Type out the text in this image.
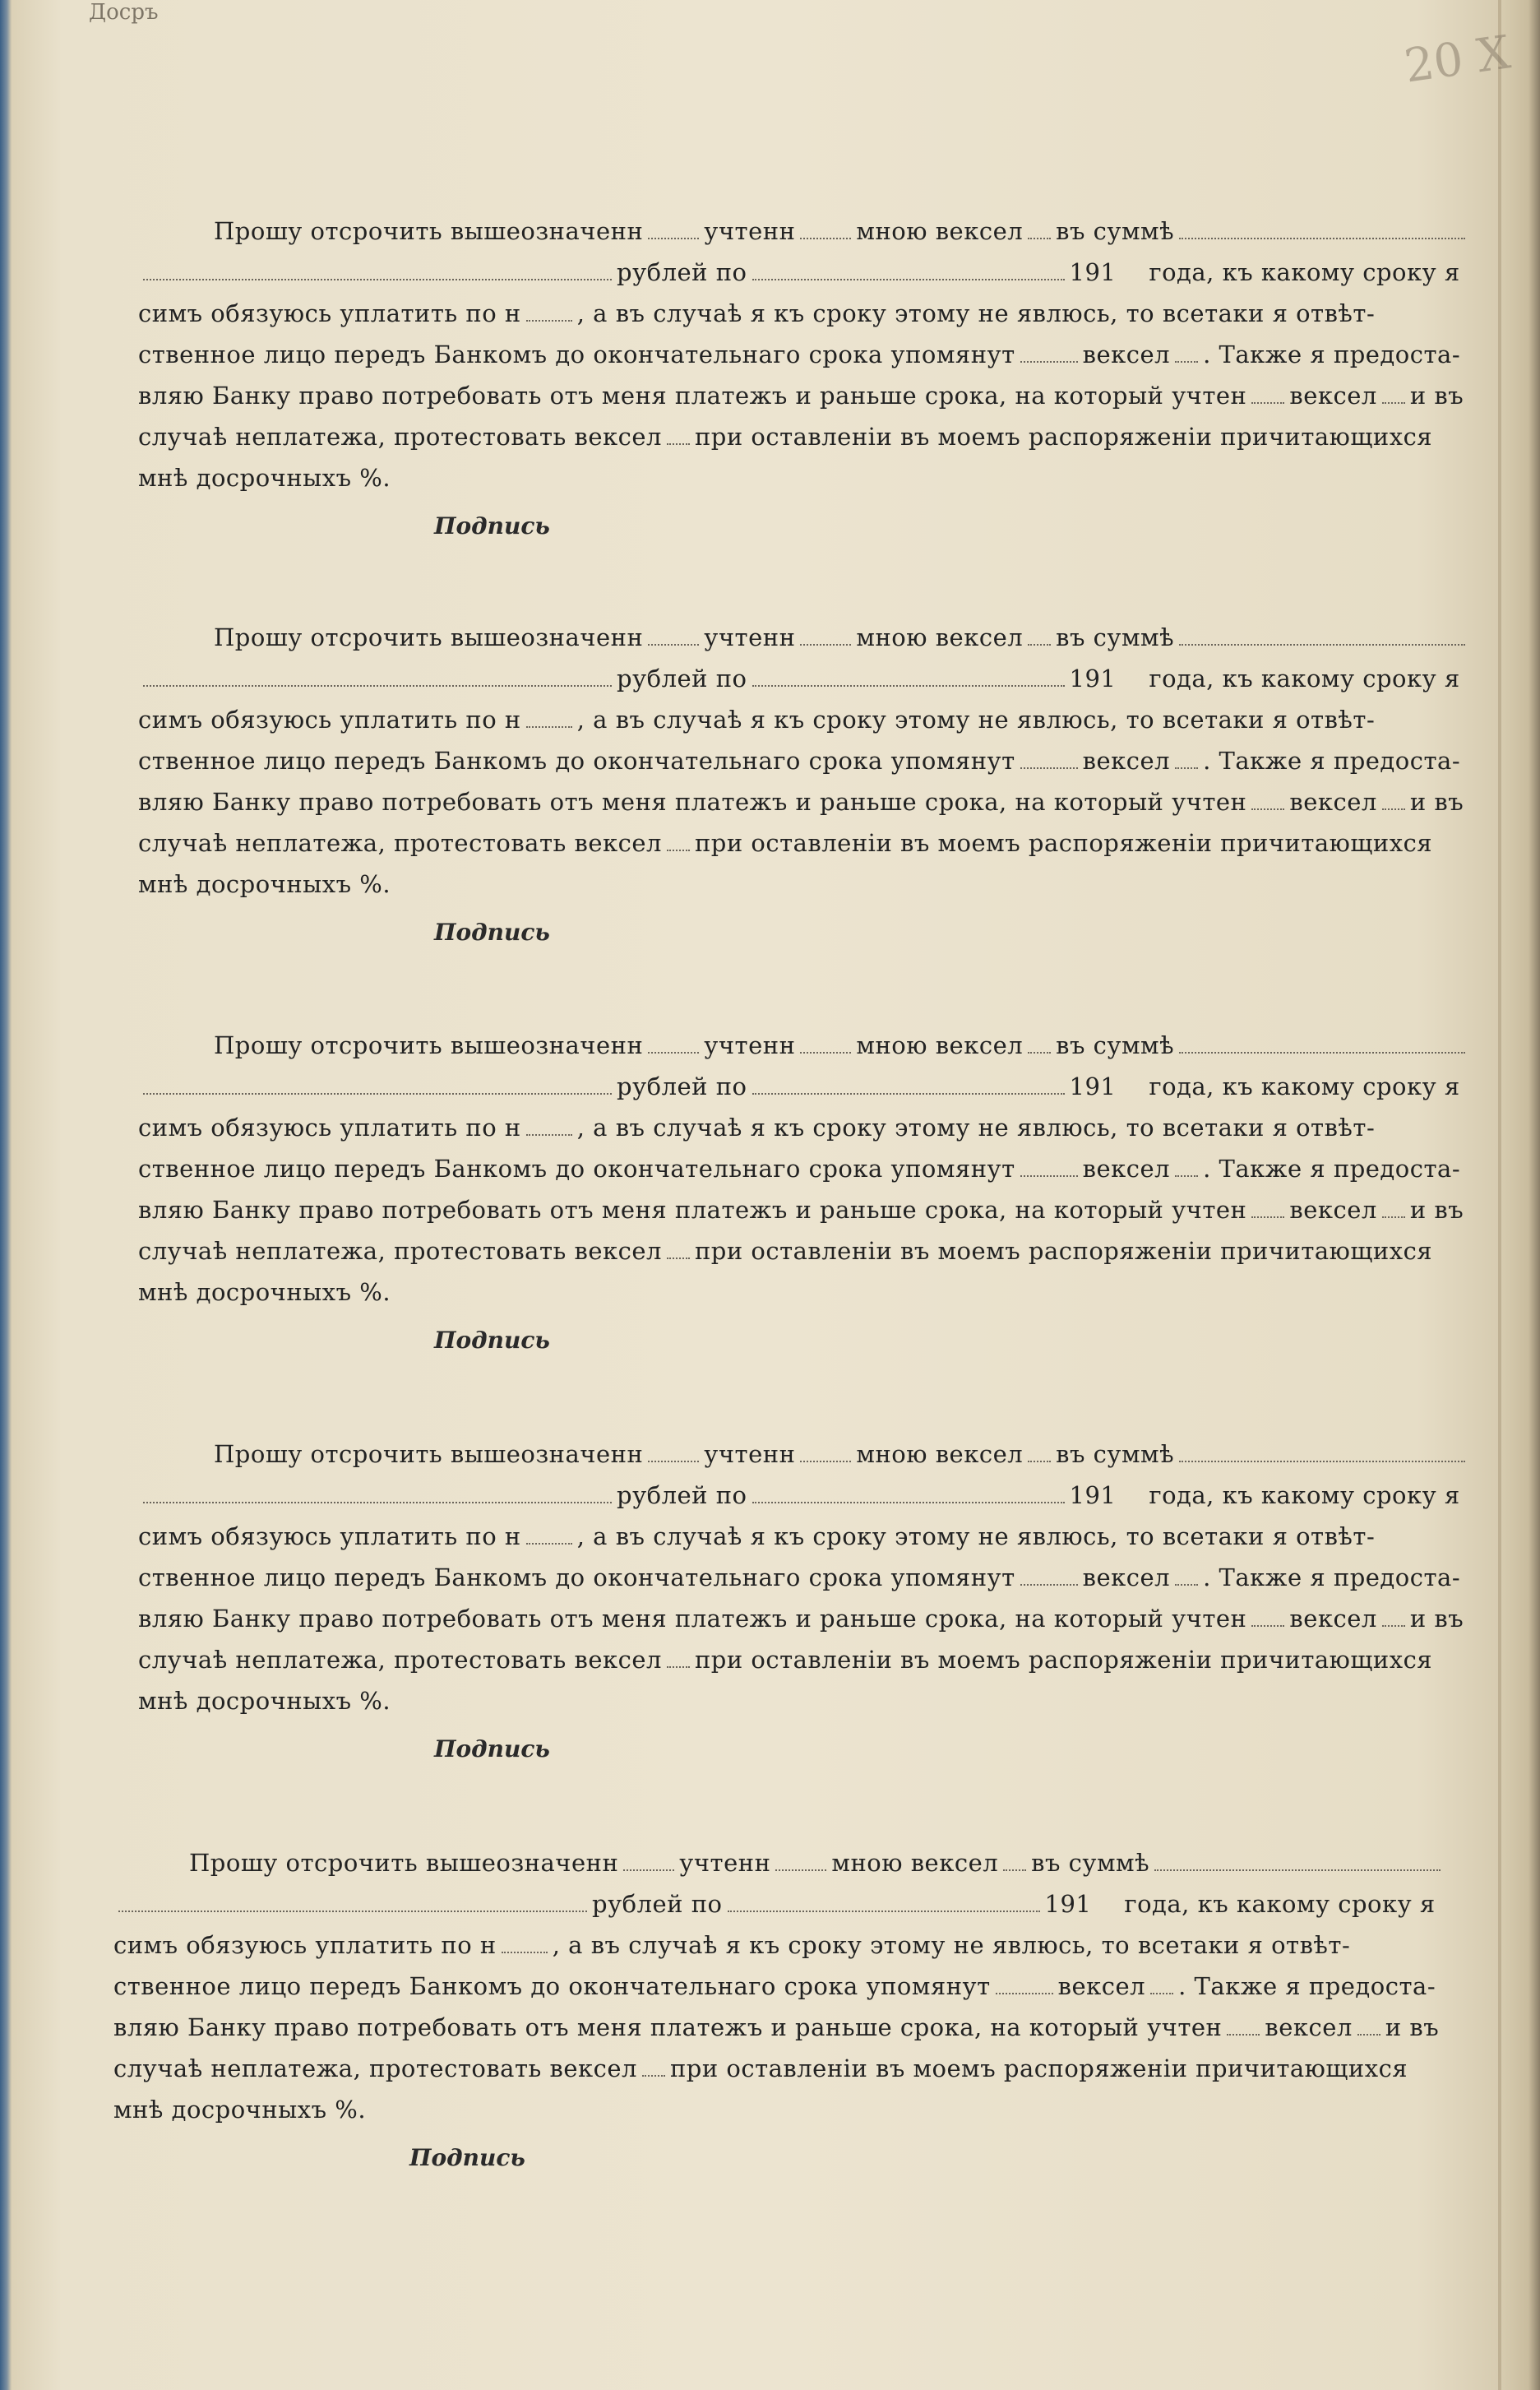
Досръ
20 Х
Прошу отсрочить вышеозначенн	учтенн	мною вексел въ суммѣ
рублей по	191 года, къ какому сроку я
симъ обязуюсь уплатить по н , а въ случаѣ я къ сроку этому не явлюсь, то всетаки я отвѣт-
ственное лицо передъ Банкомъ до окончательнаго срока упомянут	вексел . Также я предоста-
вляю Банку право потребовать отъ меня платежъ и раньше срока, на который учтен вексел и въ
случаѣ неплатежа, протестовать вексел при оставленіи въ моемъ распоряженіи причитающихся
мнѣ досрочныхъ %.
Подпись
Прошу отсрочить вышеозначенн	учтенн	мною вексел въ суммѣ
рублей по	191 года, къ какому сроку я
симъ обязуюсь уплатить по н , а въ случаѣ я къ сроку этому не явлюсь, то всетаки я отвѣт-
ственное лицо передъ Банкомъ до окончательнаго срока упомянут	вексел . Также я предоста-
вляю Банку право потребовать отъ меня платежъ и раньше срока, на который учтен вексел и въ
случаѣ неплатежа, протестовать вексел при оставленіи въ моемъ распоряженіи причитающихся
мнѣ досрочныхъ %.
Подпись
Прошу отсрочить вышеозначенн	учтенн	мною вексел въ суммѣ
рублей по	191 года, къ какому сроку я
симъ обязуюсь уплатить по н , а въ случаѣ я къ сроку этому не явлюсь, то всетаки я отвѣт-
ственное лицо передъ Банкомъ до окончательнаго срока упомянут	вексел . Также я предоста-
вляю Банку право потребовать отъ меня платежъ и раньше срока, на который учтен вексел и въ
случаѣ неплатежа, протестовать вексел при оставленіи въ моемъ распоряженіи причитающихся
мнѣ досрочныхъ %.
Подпись
Прошу отсрочить вышеозначенн	учтенн	мною вексел въ суммѣ
рублей по	191 года, къ какому сроку я
симъ обязуюсь уплатить по н , а въ случаѣ я къ сроку этому не явлюсь, то всетаки я отвѣт-
ственное лицо передъ Банкомъ до окончательнаго срока упомянут	вексел . Также я предоста-
вляю Банку право потребовать отъ меня платежъ и раньше срока, на который учтен вексел и въ
случаѣ неплатежа, протестовать вексел при оставленіи въ моемъ распоряженіи причитающихся
мнѣ досрочныхъ %.
Подпись
Прошу отсрочить вышеозначенн	учтенн	мною вексел въ суммѣ
рублей по	191 года, къ какому сроку я
симъ обязуюсь уплатить по н , а въ случаѣ я къ сроку этому не явлюсь, то всетаки я отвѣт-
ственное лицо передъ Банкомъ до окончательнаго срока упомянут	вексел . Также я предоста-
вляю Банку право потребовать отъ меня платежъ и раньше срока, на который учтен вексел и въ
случаѣ неплатежа, протестовать вексел при оставленіи въ моемъ распоряженіи причитающихся
мнѣ досрочныхъ %.
Подпись
